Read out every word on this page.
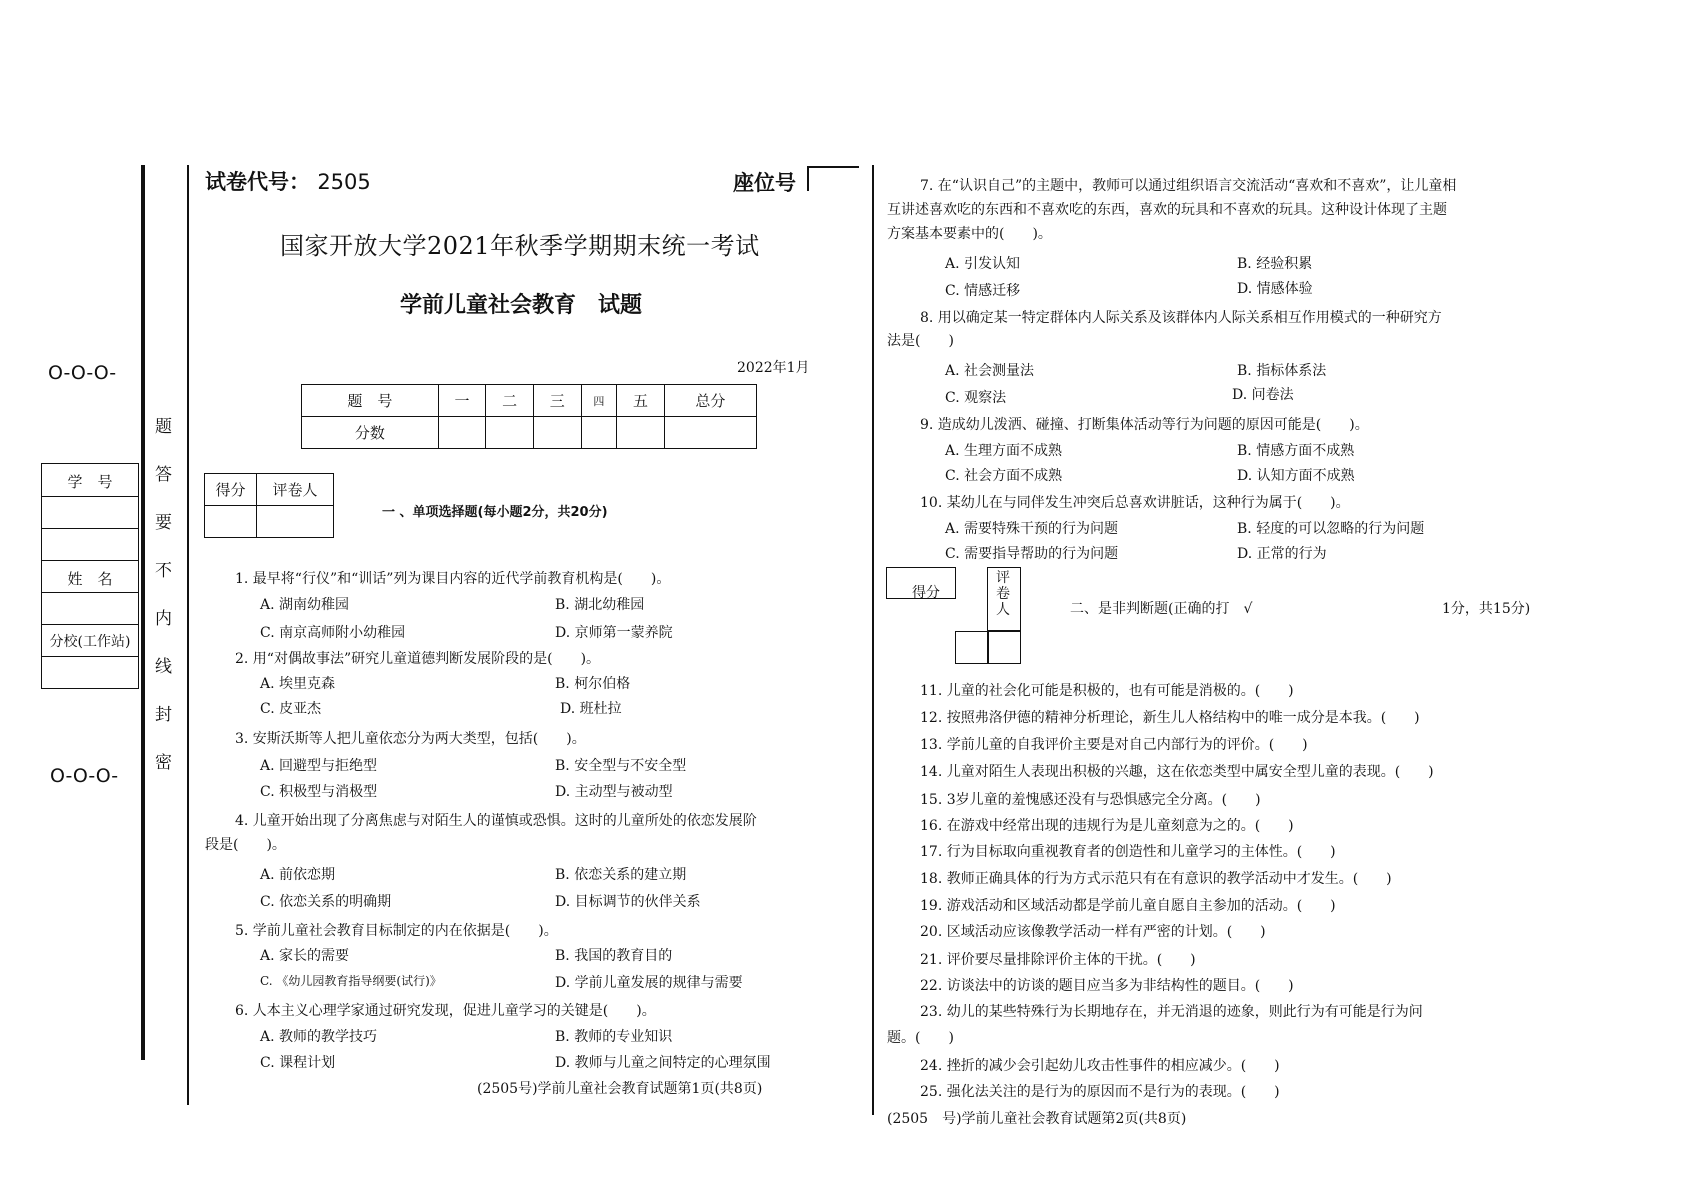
O-O-O-
O-O-O-
学　号
姓　名
分校(工作站)
题
答
要
不
内
线
封
密
试卷代号： 2505	座位号
国家开放大学2021年秋季学期期末统一考试
学前儿童社会教育　试题
2022年1月
题　号	一	二	三	四	五	总分
分数						
得分	评卷人

一 、单项选择题(每小题2分，共20分)
1. 最早将“行仪”和“训话”列为课目内容的近代学前教育机构是(　　)。
A. 湖南幼稚园	B. 湖北幼稚园
C. 南京高师附小幼稚园	D. 京师第一蒙养院
2. 用“对偶故事法”研究儿童道德判断发展阶段的是(　　)。
A. 埃里克森	B. 柯尔伯格
C. 皮亚杰	D. 班杜拉
3. 安斯沃斯等人把儿童依恋分为两大类型，包括(　　)。
A. 回避型与拒绝型	B. 安全型与不安全型
C. 积极型与消极型	D. 主动型与被动型
4. 儿童开始出现了分离焦虑与对陌生人的谨慎或恐惧。这时的儿童所处的依恋发展阶
段是(　　)。
A. 前依恋期	B. 依恋关系的建立期
C. 依恋关系的明确期	D. 目标调节的伙伴关系
5. 学前儿童社会教育目标制定的内在依据是(　　)。
A. 家长的需要	B. 我国的教育目的
C. 《幼儿园教育指导纲要(试行)》	D. 学前儿童发展的规律与需要
6. 人本主义心理学家通过研究发现，促进儿童学习的关键是(　　)。
A. 教师的教学技巧	B. 教师的专业知识
C. 课程计划	D. 教师与儿童之间特定的心理氛围
(2505号)学前儿童社会教育试题第1页(共8页)
7. 在“认识自己”的主题中，教师可以通过组织语言交流活动“喜欢和不喜欢”，让儿童相
互讲述喜欢吃的东西和不喜欢吃的东西，喜欢的玩具和不喜欢的玩具。这种设计体现了主题
方案基本要素中的(　　)。
A. 引发认知	B. 经验积累
C. 情感迁移	D. 情感体验
8. 用以确定某一特定群体内人际关系及该群体内人际关系相互作用模式的一种研究方
法是(　　)
A. 社会测量法	B. 指标体系法
C. 观察法	D. 问卷法
9. 造成幼儿泼洒、碰撞、打断集体活动等行为问题的原因可能是(　　)。
A. 生理方面不成熟	B. 情感方面不成熟
C. 社会方面不成熟	D. 认知方面不成熟
10. 某幼儿在与同伴发生冲突后总喜欢讲脏话，这种行为属于(　　)。
A. 需要特殊干预的行为问题	B. 轻度的可以忽略的行为问题
C. 需要指导帮助的行为问题	D. 正常的行为
得分
评卷人	二、是非判断题(正确的打　√	1分，共15分)
11. 儿童的社会化可能是积极的，也有可能是消极的。(　　)
12. 按照弗洛伊德的精神分析理论，新生儿人格结构中的唯一成分是本我。(　　)
13. 学前儿童的自我评价主要是对自己内部行为的评价。(　　)
14. 儿童对陌生人表现出积极的兴趣，这在依恋类型中属安全型儿童的表现。(　　)
15. 3岁儿童的羞愧感还没有与恐惧感完全分离。(　　)
16. 在游戏中经常出现的违规行为是儿童刻意为之的。(　　)
17. 行为目标取向重视教育者的创造性和儿童学习的主体性。(　　)
18. 教师正确具体的行为方式示范只有在有意识的教学活动中才发生。(　　)
19. 游戏活动和区域活动都是学前儿童自愿自主参加的活动。(　　)
20. 区域活动应该像教学活动一样有严密的计划。(　　)
21. 评价要尽量排除评价主体的干扰。(　　)
22. 访谈法中的访谈的题目应当多为非结构性的题目。(　　)
23. 幼儿的某些特殊行为长期地存在，并无消退的迹象，则此行为有可能是行为问
题。(　　)
24. 挫折的减少会引起幼儿攻击性事件的相应减少。(　　)
25. 强化法关注的是行为的原因而不是行为的表现。(　　)
(2505　号)学前儿童社会教育试题第2页(共8页)
